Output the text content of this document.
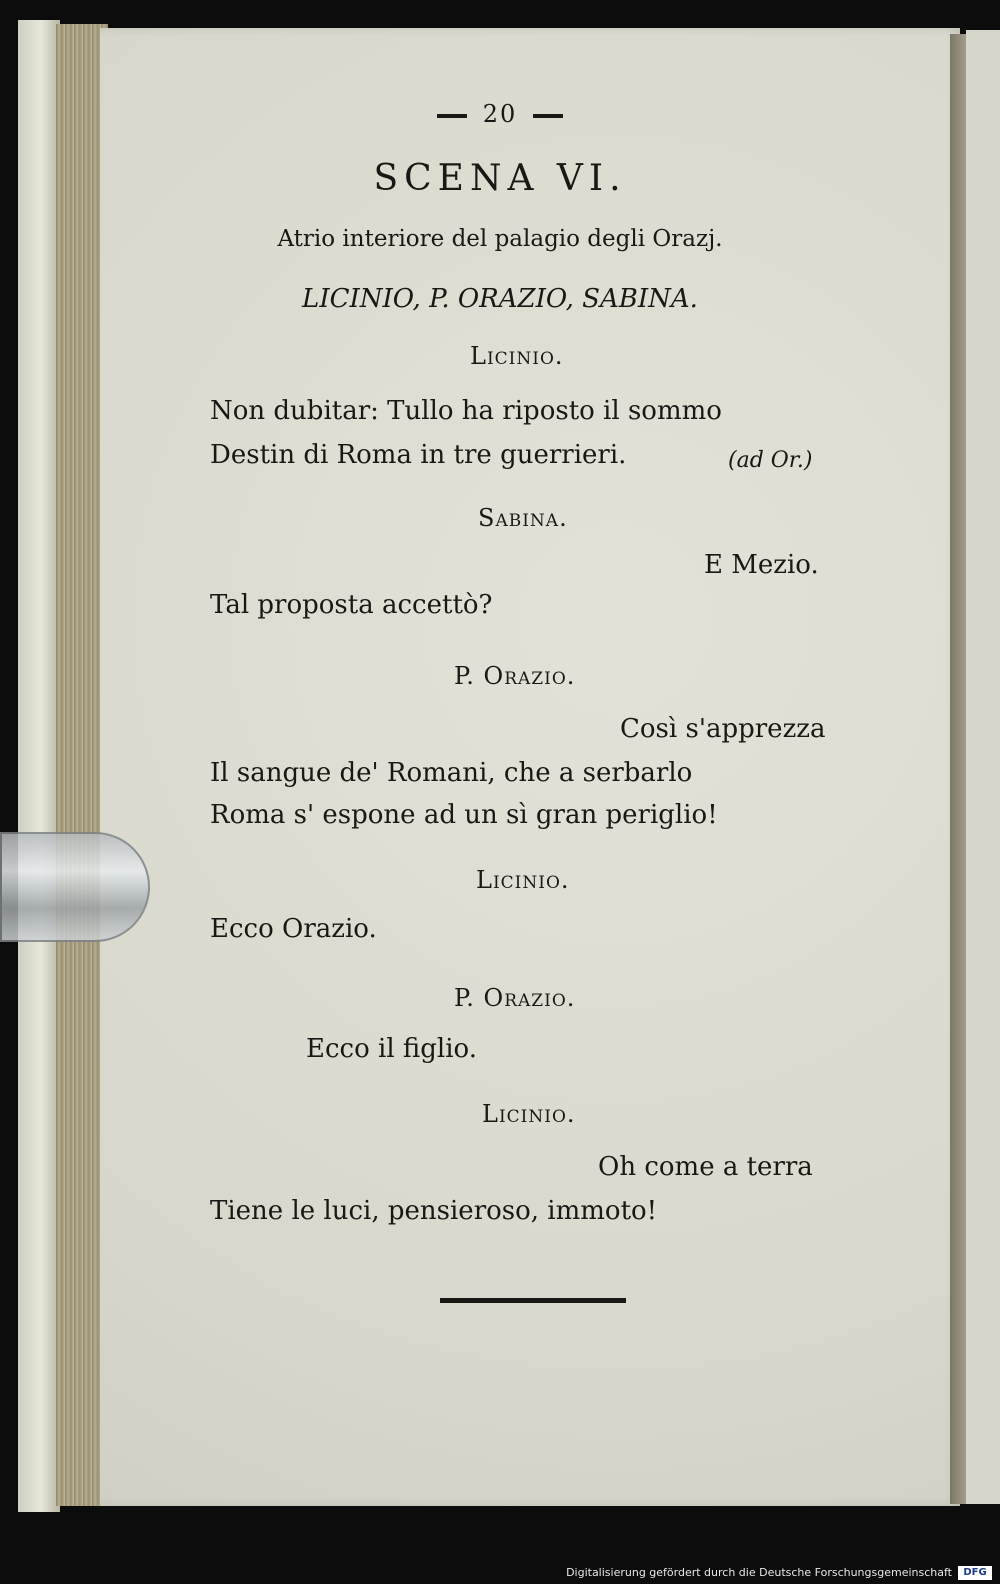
20
SCENA VI.
Atrio interiore del palagio degli Orazj.
LICINIO, P. ORAZIO, SABINA.
Licinio.
Non dubitar: Tullo ha riposto il sommo
Destin di Roma in tre guerrieri.	(ad Or.)
Sabina.
E Mezio.
Tal proposta accettò?
P. Orazio.
Così s'apprezza
Il sangue de' Romani, che a serbarlo
Roma s' espone ad un sì gran periglio!
Licinio.
Ecco Orazio.
P. Orazio.
Ecco il figlio.
Licinio.
Oh come a terra
Tiene le luci, pensieroso, immoto!
Digitalisierung gefördert durch die Deutsche Forschungsgemeinschaft	DFG
